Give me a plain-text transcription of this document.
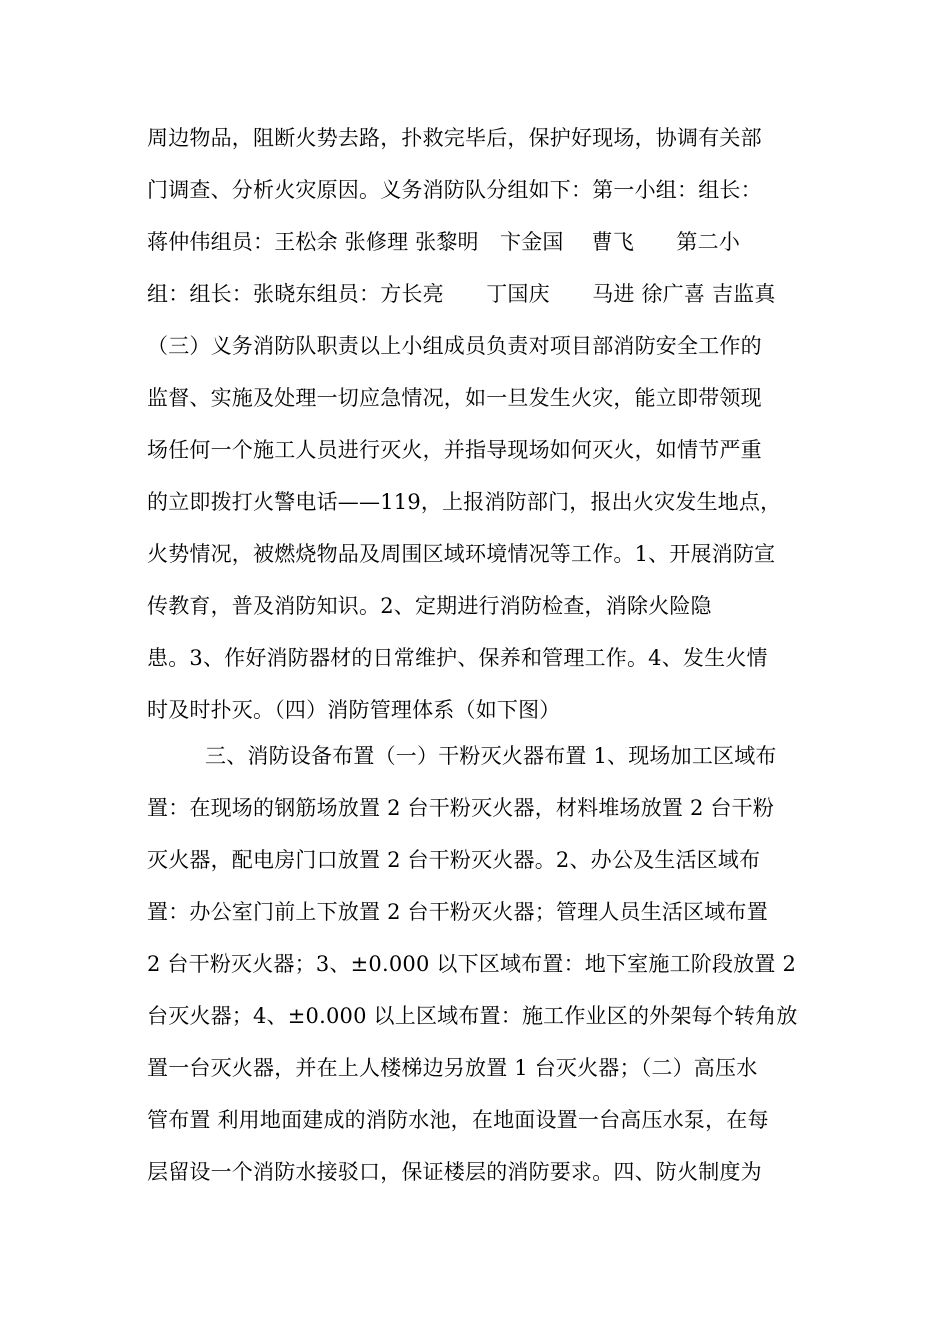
周边物品，阻断火势去路，扑救完毕后，保护好现场，协调有关部
门调查、分析火灾原因。义务消防队分组如下：第一小组：组长：
蒋仲伟组员：王松余 张修理 张黎明　卞金国　 曹飞　　第二小
组：组长：张晓东组员：方长亮　　丁国庆　　马进 徐广喜 吉监真
（三）义务消防队职责以上小组成员负责对项目部消防安全工作的
监督、实施及处理一切应急情况，如一旦发生火灾，能立即带领现
场任何一个施工人员进行灭火，并指导现场如何灭火，如情节严重
的立即拨打火警电话——119，上报消防部门，报出火灾发生地点，
火势情况，被燃烧物品及周围区域环境情况等工作。1、开展消防宣
传教育，普及消防知识。2、定期进行消防检查，消除火险隐
患。3、作好消防器材的日常维护、保养和管理工作。4、发生火情
时及时扑灭。（四）消防管理体系（如下图）
三、消防设备布置（一）干粉灭火器布置 1、现场加工区域布
置：在现场的钢筋场放置 2 台干粉灭火器，材料堆场放置 2 台干粉
灭火器，配电房门口放置 2 台干粉灭火器。2、办公及生活区域布
置：办公室门前上下放置 2 台干粉灭火器；管理人员生活区域布置
2 台干粉灭火器；3、±0.000 以下区域布置：地下室施工阶段放置 2
台灭火器；4、±0.000 以上区域布置：施工作业区的外架每个转角放
置一台灭火器，并在上人楼梯边另放置 1 台灭火器；（二）高压水
管布置 利用地面建成的消防水池，在地面设置一台高压水泵，在每
层留设一个消防水接驳口，保证楼层的消防要求。四、防火制度为
